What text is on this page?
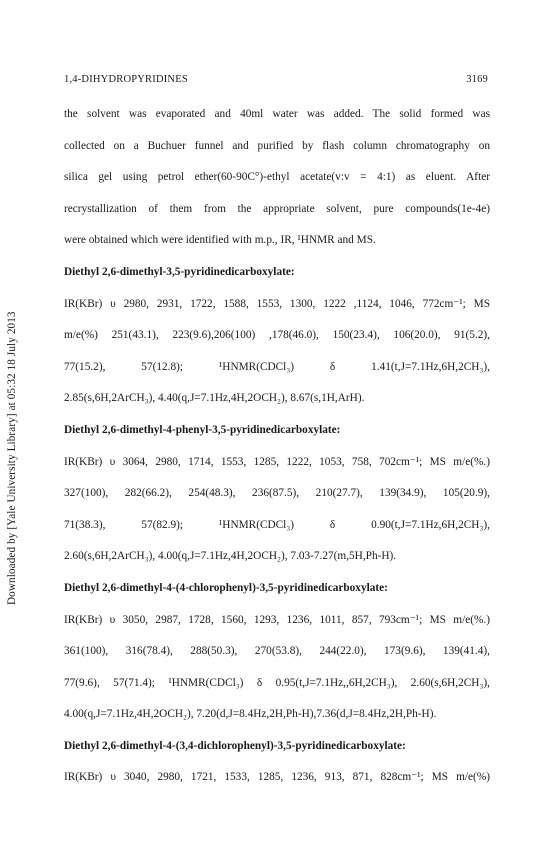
Downloaded by [Yale University Library] at 05:32 18 July 2013
1,4-DIHYDROPYRIDINES	3169
the solvent was evaporated and 40ml water was added. The solid formed was
collected on a Buchuer funnel and purified by flash column chromatography on
silica gel using petrol ether(60-90C°)-ethyl acetate(v:v = 4:1) as eluent. After
recrystallization of them from the appropriate solvent, pure compounds(1e-4e)
were obtained which were identified with m.p., IR, ¹HNMR and MS.
Diethyl 2,6-dimethyl-3,5-pyridinedicarboxylate:
IR(KBr) υ 2980, 2931, 1722, 1588, 1553, 1300, 1222 ,1124, 1046, 772cm⁻¹; MS
m/e(%) 251(43.1), 223(9.6),206(100) ,178(46.0), 150(23.4), 106(20.0), 91(5.2),
77(15.2), 57(12.8); ¹HNMR(CDCl₃) δ 1.41(t,J=7.1Hz,6H,2CH₃),
2.85(s,6H,2ArCH₃), 4.40(q,J=7.1Hz,4H,2OCH₂), 8.67(s,1H,ArH).
Diethyl 2,6-dimethyl-4-phenyl-3,5-pyridinedicarboxylate:
IR(KBr) υ 3064, 2980, 1714, 1553, 1285, 1222, 1053, 758, 702cm⁻¹; MS m/e(%.)
327(100), 282(66.2), 254(48.3), 236(87.5), 210(27.7), 139(34.9), 105(20.9),
71(38.3), 57(82.9); ¹HNMR(CDCl₃) δ 0.90(t,J=7.1Hz,6H,2CH₃),
2.60(s,6H,2ArCH₃), 4.00(q,J=7.1Hz,4H,2OCH₂), 7.03-7.27(m,5H,Ph-H).
Diethyl 2,6-dimethyl-4-(4-chlorophenyl)-3,5-pyridinedicarboxylate:
IR(KBr) υ 3050, 2987, 1728, 1560, 1293, 1236, 1011, 857, 793cm⁻¹; MS m/e(%.)
361(100), 316(78.4), 288(50.3), 270(53.8), 244(22.0), 173(9.6), 139(41.4),
77(9.6), 57(71.4); ¹HNMR(CDCl₃) δ 0.95(t,J=7.1Hz,,6H,2CH₃), 2.60(s,6H,2CH₃),
4.00(q,J=7.1Hz,4H,2OCH₂), 7.20(d,J=8.4Hz,2H,Ph-H),7.36(d,J=8.4Hz,2H,Ph-H).
Diethyl 2,6-dimethyl-4-(3,4-dichlorophenyl)-3,5-pyridinedicarboxylate:
IR(KBr) υ 3040, 2980, 1721, 1533, 1285, 1236, 913, 871, 828cm⁻¹; MS m/e(%)
